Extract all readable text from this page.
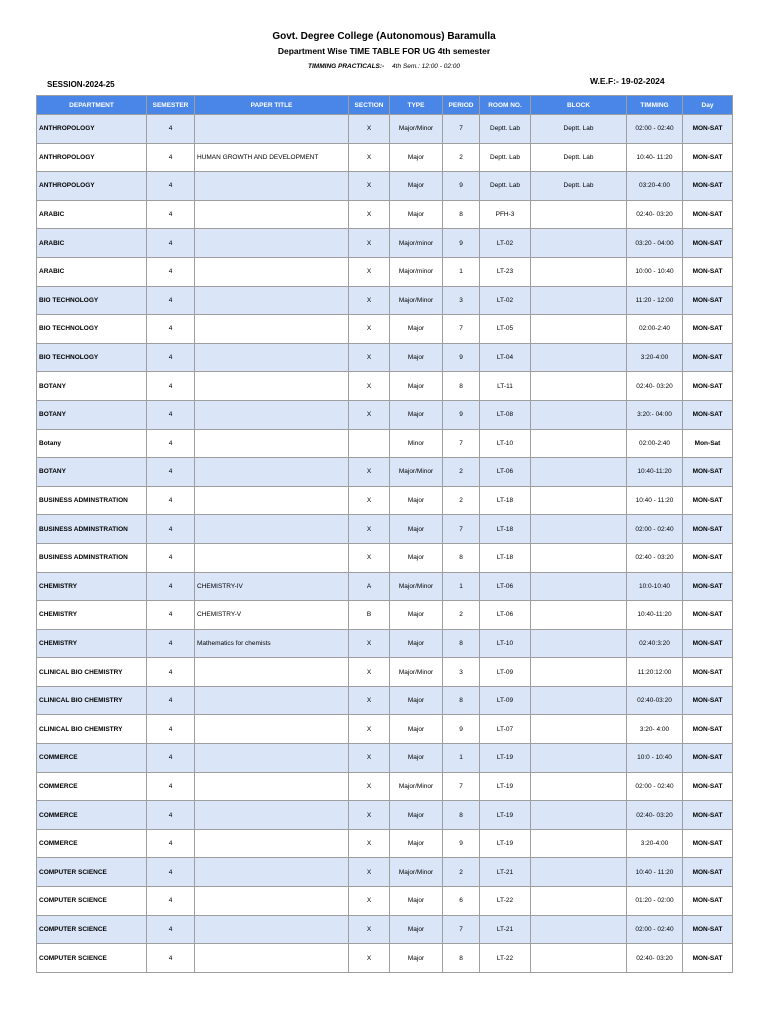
Govt. Degree College (Autonomous) Baramulla
Department Wise TIME TABLE FOR UG 4th semester
TIMMING PRACTICALS:- 4th Sem.: 12:00 - 02:00
SESSION-2024-25	W.E.F:- 19-02-2024
DEPARTMENT	SEMESTER	PAPER TITLE	SECTION	TYPE	PERIOD	ROOM NO.	BLOCK	TIMMING	Day
ANTHROPOLOGY	4		X	Major/Minor	7	Deptt. Lab	Deptt. Lab	02:00 - 02:40	MON-SAT
ANTHROPOLOGY	4	HUMAN GROWTH AND DEVELOPMENT	X	Major	2	Deptt. Lab	Deptt. Lab	10:40- 11:20	MON-SAT
ANTHROPOLOGY	4		X	Major	9	Deptt. Lab	Deptt. Lab	03:20-4:00	MON-SAT
ARABIC	4		X	Major	8	PFH-3		02:40- 03:20	MON-SAT
ARABIC	4		X	Major/minor	9	LT-02		03:20 - 04:00	MON-SAT
ARABIC	4		X	Major/minor	1	LT-23		10:00 - 10:40	MON-SAT
BIO TECHNOLOGY	4		X	Major/Minor	3	LT-02		11:20 - 12:00	MON-SAT
BIO TECHNOLOGY	4		X	Major	7	LT-05		02:00-2:40	MON-SAT
BIO TECHNOLOGY	4		X	Major	9	LT-04		3:20-4:00	MON-SAT
BOTANY	4		X	Major	8	LT-11		02:40- 03:20	MON-SAT
BOTANY	4		X	Major	9	LT-08		3:20:- 04:00	MON-SAT
Botany	4			Minor	7	LT-10		02:00-2:40	Mon-Sat
BOTANY	4		X	Major/Minor	2	LT-06		10:40-11:20	MON-SAT
BUSINESS ADMINSTRATION	4		X	Major	2	LT-18		10:40 - 11:20	MON-SAT
BUSINESS ADMINSTRATION	4		X	Major	7	LT-18		02:00 - 02:40	MON-SAT
BUSINESS ADMINSTRATION	4		X	Major	8	LT-18		02:40 - 03:20	MON-SAT
CHEMISTRY	4	CHEMISTRY-IV	A	Major/Minor	1	LT-06		10:0-10:40	MON-SAT
CHEMISTRY	4	CHEMISTRY-V	B	Major	2	LT-06		10:40-11:20	MON-SAT
CHEMISTRY	4	Mathematics for chemists	X	Major	8	LT-10		02:40:3:20	MON-SAT
CLINICAL BIO CHEMISTRY	4		X	Major/Minor	3	LT-09		11:20:12:00	MON-SAT
CLINICAL BIO CHEMISTRY	4		X	Major	8	LT-09		02:40-03:20	MON-SAT
CLINICAL BIO CHEMISTRY	4		X	Major	9	LT-07		3:20- 4:00	MON-SAT
COMMERCE	4		X	Major	1	LT-19		10:0 - 10:40	MON-SAT
COMMERCE	4		X	Major/Minor	7	LT-19		02:00 - 02:40	MON-SAT
COMMERCE	4		X	Major	8	LT-19		02:40- 03:20	MON-SAT
COMMERCE	4		X	Major	9	LT-19		3:20-4:00	MON-SAT
COMPUTER SCIENCE	4		X	Major/Minor	2	LT-21		10:40 - 11:20	MON-SAT
COMPUTER SCIENCE	4		X	Major	6	LT-22		01:20 - 02:00	MON-SAT
COMPUTER SCIENCE	4		X	Major	7	LT-21		02:00 - 02:40	MON-SAT
COMPUTER SCIENCE	4		X	Major	8	LT-22		02:40- 03:20	MON-SAT
